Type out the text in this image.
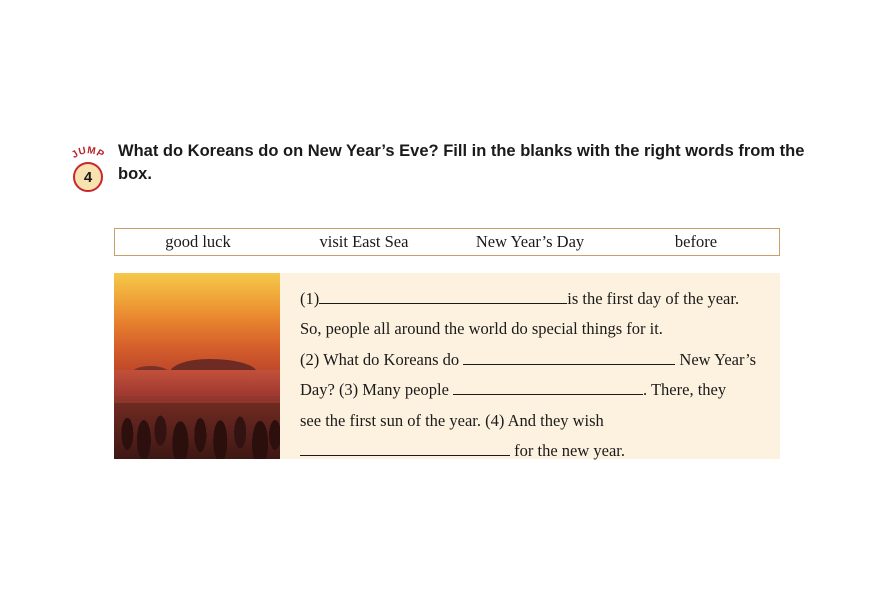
JUMP
4
What do Koreans do on New Year’s Eve? Fill in the blanks with the right words from the box.
good luck	visit East Sea	New Year’s Day	before

(1)	is the first day of the year.

So, people all around the world do special things for it.

(2) What do Koreans do	New Year’s

Day? (3) Many people	. There, they

see the first sun of the year. (4) And they wish

for the new year.
